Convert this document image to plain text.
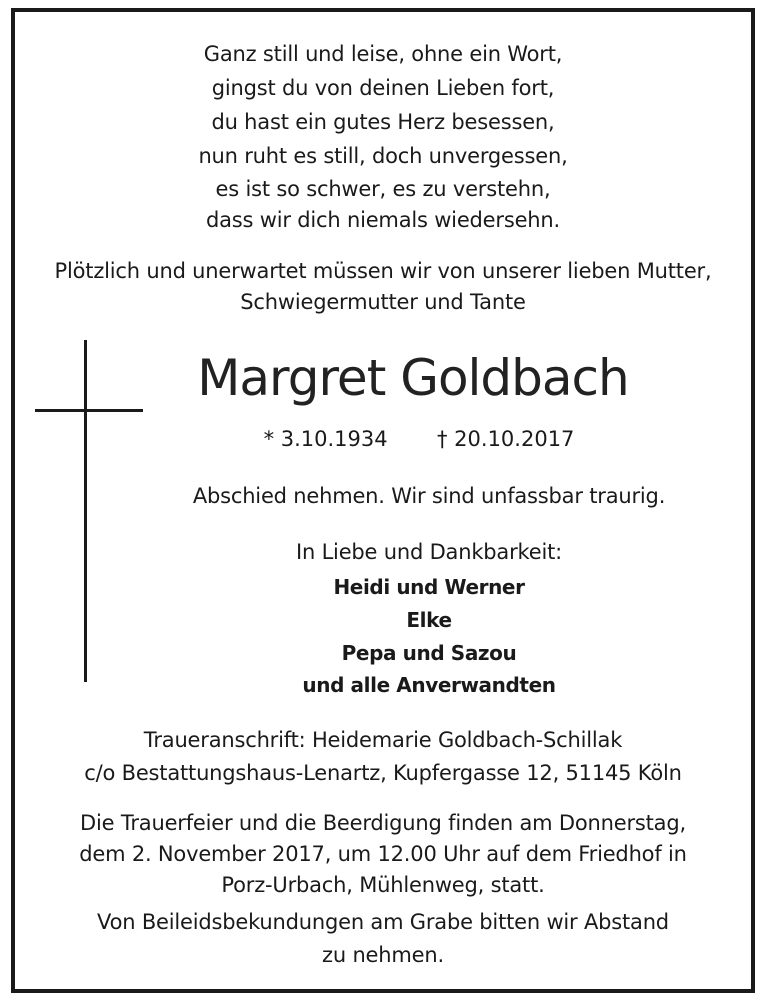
Ganz still und leise, ohne ein Wort,
gingst du von deinen Lieben fort,
du hast ein gutes Herz besessen,
nun ruht es still, doch unvergessen,
es ist so schwer, es zu verstehn,
dass wir dich niemals wiedersehn.
Plötzlich und unerwartet müssen wir von unserer lieben Mutter,
Schwiegermutter und Tante
Margret Goldbach
* 3.10.1934 † 20.10.2017
Abschied nehmen. Wir sind unfassbar traurig.
In Liebe und Dankbarkeit:
Heidi und Werner
Elke
Pepa und Sazou
und alle Anverwandten
Traueranschrift: Heidemarie Goldbach-Schillak
c/o Bestattungshaus-Lenartz, Kupfergasse 12, 51145 Köln
Die Trauerfeier und die Beerdigung finden am Donnerstag,
dem 2. November 2017, um 12.00 Uhr auf dem Friedhof in
Porz-Urbach, Mühlenweg, statt.
Von Beileidsbekundungen am Grabe bitten wir Abstand
zu nehmen.
